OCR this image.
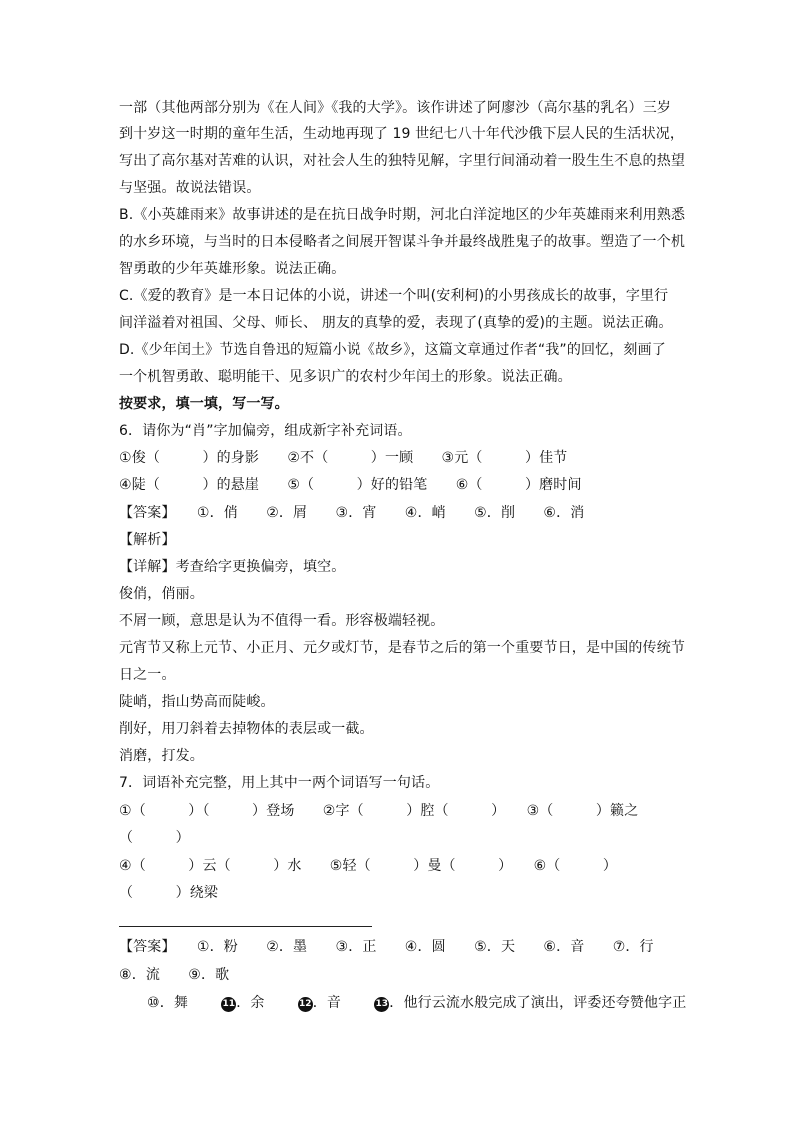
一部（其他两部分别为《在人间》《我的大学》。该作讲述了阿廖沙（高尔基的乳名）三岁
到十岁这一时期的童年生活，生动地再现了 19 世纪七八十年代沙俄下层人民的生活状况，
写出了高尔基对苦难的认识，对社会人生的独特见解，字里行间涌动着一股生生不息的热望
与坚强。故说法错误。
B.《小英雄雨来》故事讲述的是在抗日战争时期，河北白洋淀地区的少年英雄雨来利用熟悉
的水乡环境，与当时的日本侵略者之间展开智谋斗争并最终战胜鬼子的故事。塑造了一个机
智勇敢的少年英雄形象。说法正确。
C.《爱的教育》是一本日记体的小说，讲述一个叫(安利柯)的小男孩成长的故事，字里行
间洋溢着对祖国、父母、师长、 朋友的真挚的爱，表现了(真挚的爱)的主题。说法正确。
D.《少年闰土》节选自鲁迅的短篇小说《故乡》，这篇文章通过作者“我”的回忆，刻画了
一个机智勇敢、聪明能干、见多识广的农村少年闰土的形象。说法正确。
按要求，填一填，写一写。
6．请你为“肖”字加偏旁，组成新字补充词语。
①俊（　　　）的身影　　②不（　　　）一顾　　③元（　　　）佳节
④陡（　　　）的悬崖　　⑤（　　　）好的铅笔　　⑥（　　　）磨时间
【答案】　　①．俏　　②．屑　　③．宵　　④．峭　　⑤．削　　⑥．消
【解析】
【详解】考查给字更换偏旁，填空。
俊俏，俏丽。
不屑一顾，意思是认为不值得一看。形容极端轻视。
元宵节又称上元节、小正月、元夕或灯节，是春节之后的第一个重要节日，是中国的传统节
日之一。
陡峭，指山势高而陡峻。
削好，用刀斜着去掉物体的表层或一截。
消磨，打发。
7．词语补充完整，用上其中一两个词语写一句话。
①（　　　）（　　　）登场　　②字（　　　）腔（　　　）　　③（　　　）籁之
（　　　）
④（　　　）云（　　　）水　　⑤轻（　　　）曼（　　　）　　⑥（　　　）
（　　　）绕梁
【答案】　　①．粉　　②．墨　　③．正　　④．圆　　⑤．天　　⑥．音　　⑦．行
⑧．流　　⑨．歌
⑩．舞	11．余	12．音	13．他行云流水般完成了演出，评委还夸赞他字正
